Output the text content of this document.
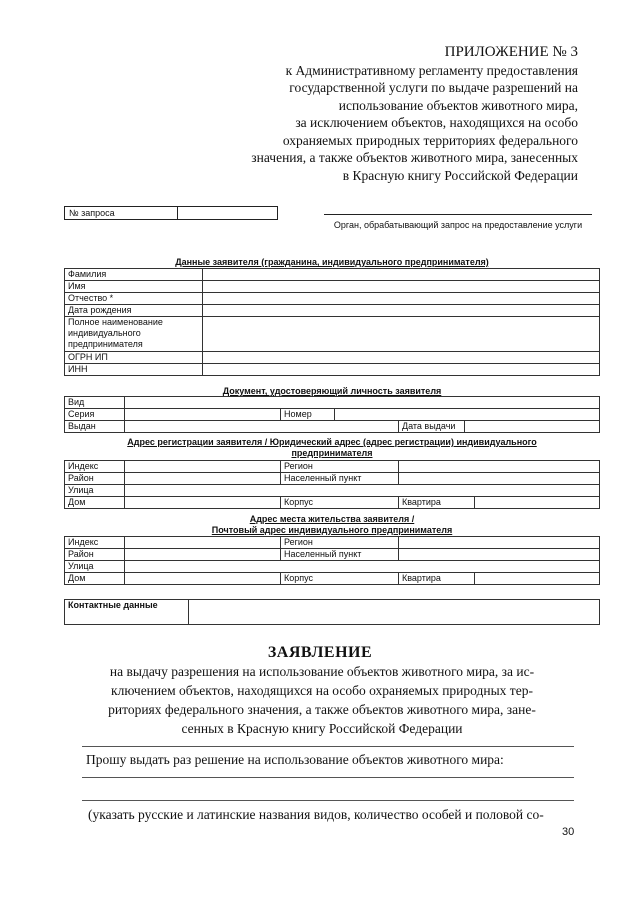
ПРИЛОЖЕНИЕ № 3
к Административному регламенту предоставления
государственной услуги по выдаче разрешений на
использование объектов животного мира,
за исключением объектов, находящихся на особо
охраняемых природных территориях федерального
значения, а также объектов животного мира, занесенных
в Красную книгу Российской Федерации
№ запроса
Орган, обрабатывающий запрос на предоставление услуги
Данные заявителя (гражданина, индивидуального предпринимателя)
Фамилия	
Имя	
Отчество *	
Дата рождения	
Полное наименование индивидуального предпринимателя	
ОГРН ИП	
ИНН	
Документ, удостоверяющий личность заявителя
Вид					
Серия		Номер			
Выдан				Дата выдачи	
Адрес регистрации заявителя / Юридический адрес (адрес регистрации) индивидуального
предпринимателя
Индекс		Регион		
Район		Населенный пункт		
Улица				
Дом		Корпус	Квартира	
Адрес места жительства заявителя /
Почтовый адрес индивидуального предпринимателя
Индекс		Регион		
Район		Населенный пункт		
Улица				
Дом		Корпус	Квартира	
Контактные данные	
ЗАЯВЛЕНИЕ
на выдачу разрешения на использование объектов животного мира, за ис-
ключением объектов, находящихся на особо охраняемых природных тер-
риториях федерального значения, а также объектов животного мира, зане-
сенных в Красную книгу Российской Федерации
Прошу выдать раз решение на использование объектов животного мира:
(указать русские и латинские названия видов, количество особей и половой со-
30
